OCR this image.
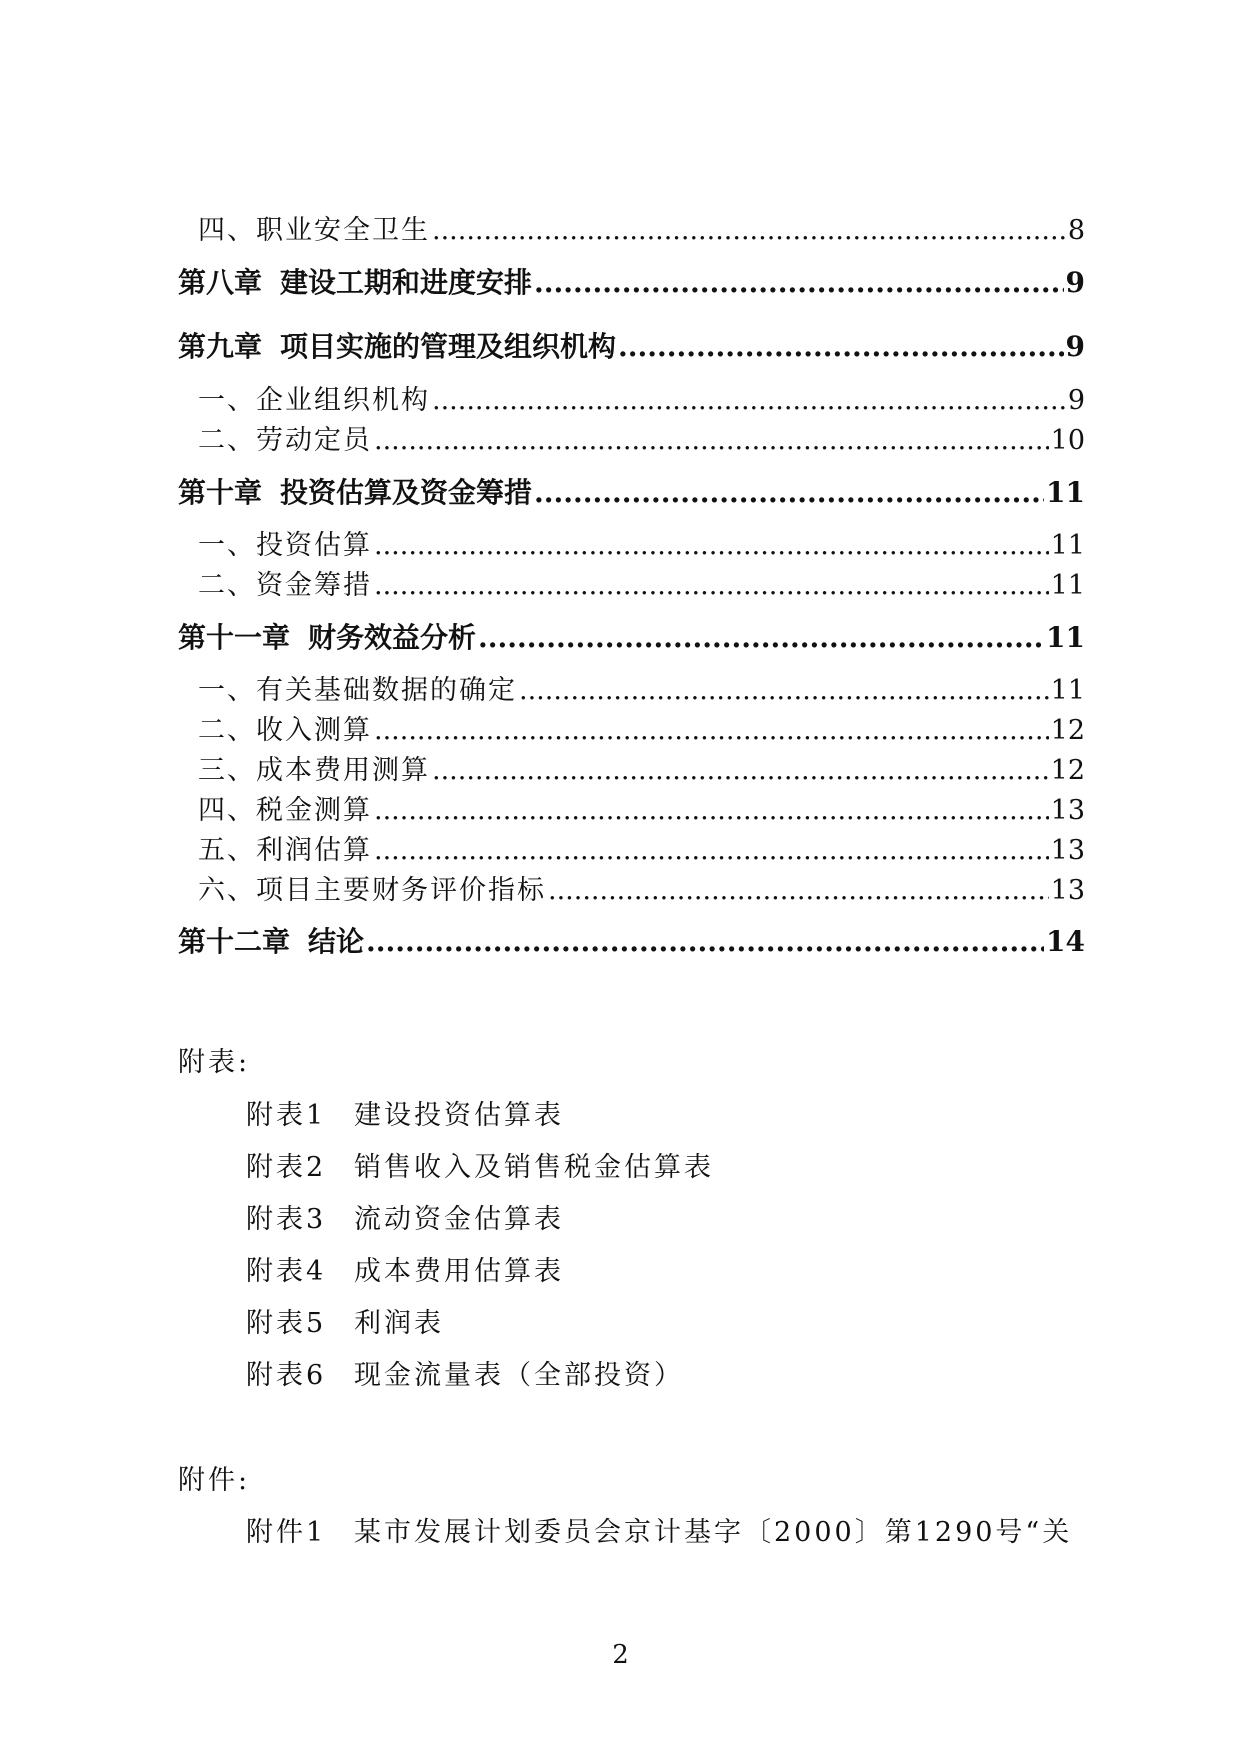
四、职业安全卫生 .....	8
第八章 建设工期和进度安排 .....	9
第九章 项目实施的管理及组织机构 .....	9
一、企业组织机构 .....	9
二、劳动定员 .....	10
第十章 投资估算及资金筹措 .....	11
一、投资估算 .....	11
二、资金筹措 .....	11
第十一章 财务效益分析 .....	11
一、有关基础数据的确定 .....	11
二、收入测算 .....	12
三、成本费用测算 .....	12
四、税金测算 .....	13
五、利润估算 .....	13
六、项目主要财务评价指标 .....	13
第十二章 结论 .....	14
附表:
附表1	建设投资估算表
附表2	销售收入及销售税金估算表
附表3	流动资金估算表
附表4	成本费用估算表
附表5	利润表
附表6	现金流量表（全部投资）
附件:
附件1	某市发展计划委员会京计基字〔2000〕第1290号“关
2
